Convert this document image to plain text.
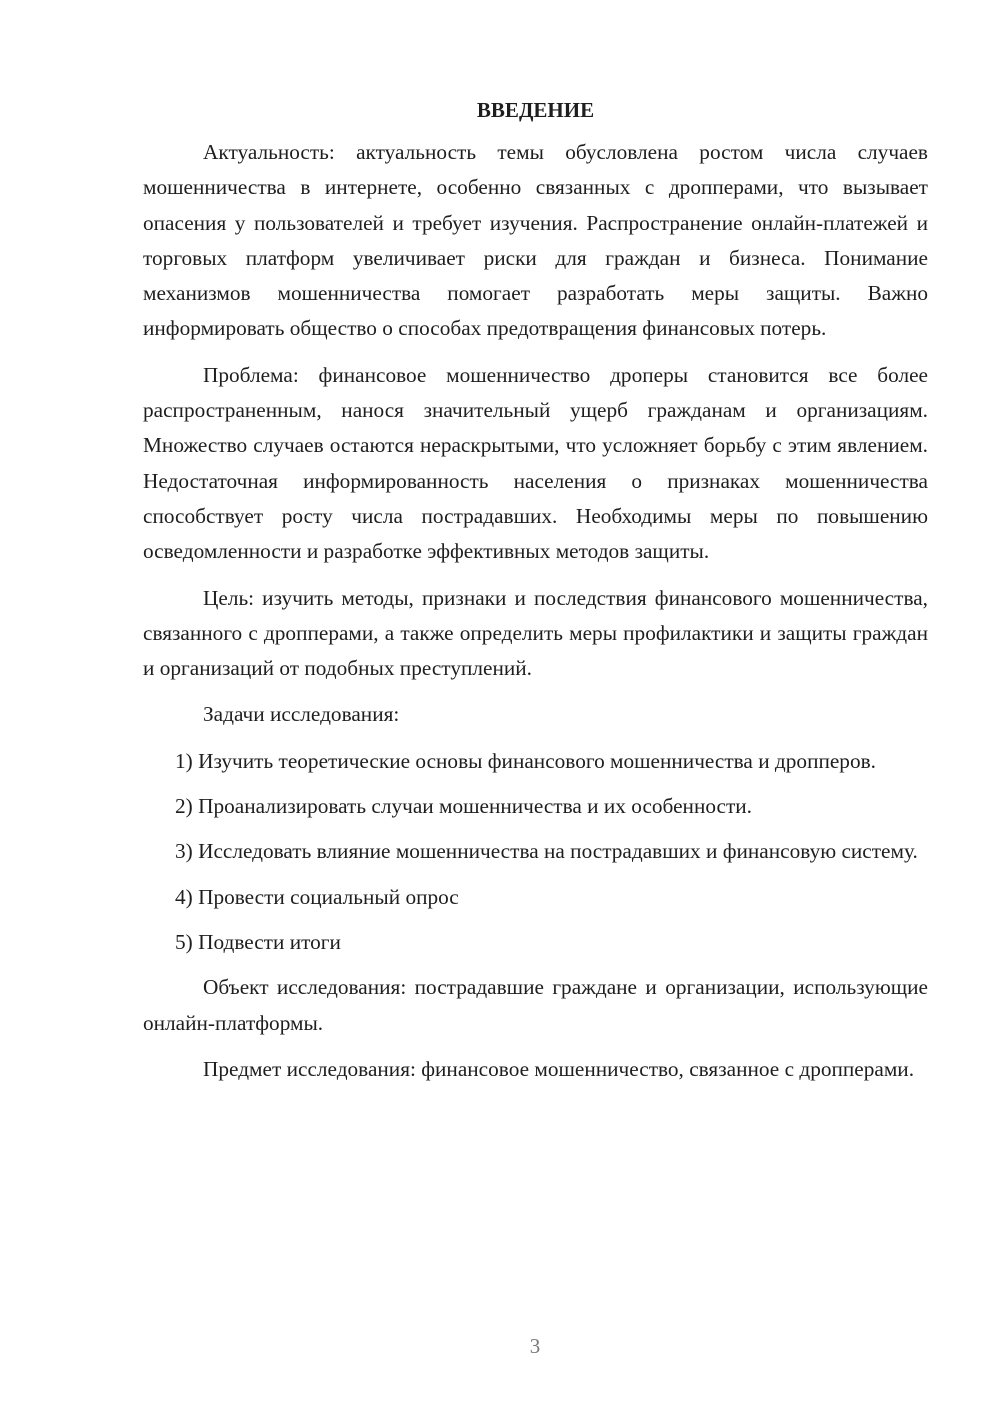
ВВЕДЕНИЕ

Актуальность: актуальность темы обусловлена ростом числа случаев мошенничества в интернете, особенно связанных с дропперами, что вызывает опасения у пользователей и требует изучения. Распространение онлайн-платежей и торговых платформ увеличивает риски для граждан и бизнеса. Понимание механизмов мошенничества помогает разработать меры защиты. Важно информировать общество о способах предотвращения финансовых потерь.

Проблема: финансовое мошенничество дроперы становится все более распространенным, нанося значительный ущерб гражданам и организациям. Множество случаев остаются нераскрытыми, что усложняет борьбу с этим явлением. Недостаточная информированность населения о признаках мошенничества способствует росту числа пострадавших. Необходимы меры по повышению осведомленности и разработке эффективных методов защиты.

Цель: изучить методы, признаки и последствия финансового мошенничества, связанного с дропперами, а также определить меры профилактики и защиты граждан и организаций от подобных преступлений.

Задачи исследования:

1) Изучить теоретические основы финансового мошенничества и дропперов.

2) Проанализировать случаи мошенничества и их особенности.

3) Исследовать влияние мошенничества на пострадавших и финансовую систему.

4) Провести социальный опрос

5) Подвести итоги

Объект исследования: пострадавшие граждане и организации, использующие онлайн-платформы.

Предмет исследования: финансовое мошенничество, связанное с дропперами.

3
